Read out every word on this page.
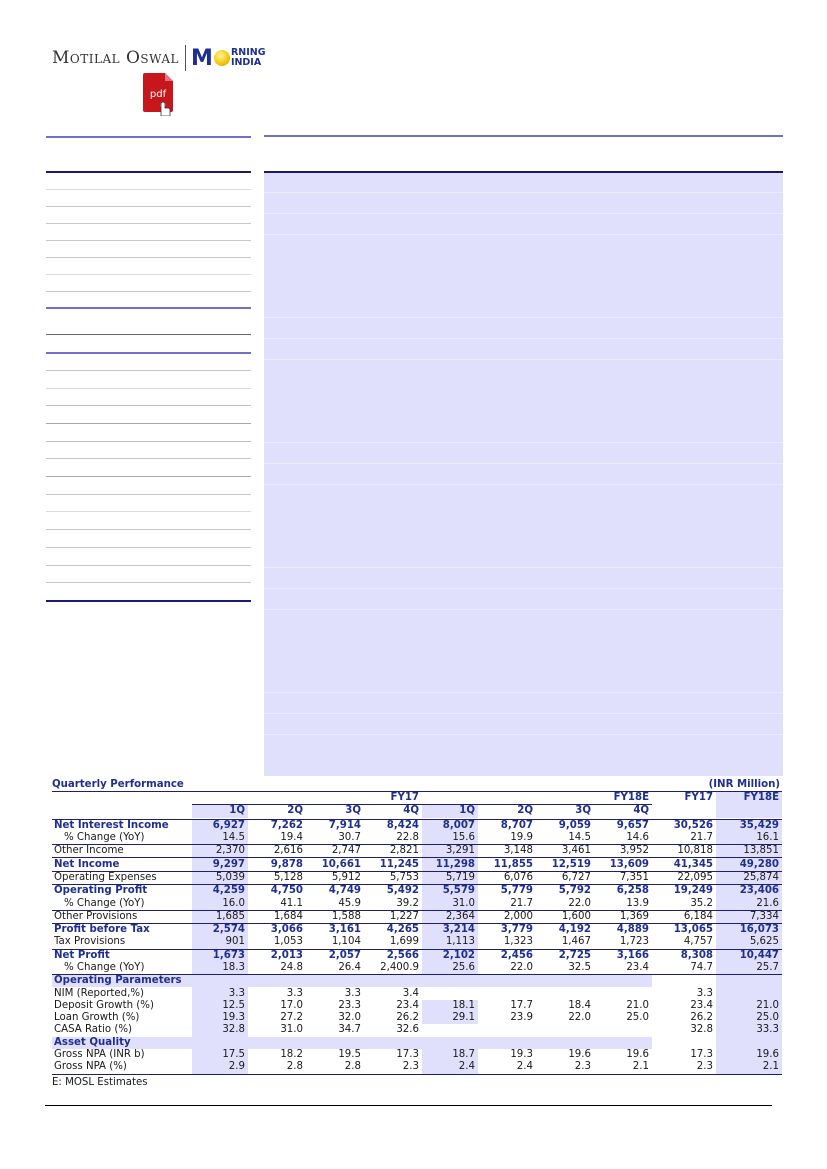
Motilal Oswal M RNING
INDIA
pdf
Quarterly Performance	(INR Million)
	FY17				FY18E				FY17	FY18E
	1Q	2Q	3Q	4Q	1Q	2Q	3Q	4Q		
Net Interest Income	6,927	7,262	7,914	8,424	8,007	8,707	9,059	9,657	30,526	35,429
% Change (YoY)	14.5	19.4	30.7	22.8	15.6	19.9	14.5	14.6	21.7	16.1
Other Income	2,370	2,616	2,747	2,821	3,291	3,148	3,461	3,952	10,818	13,851
Net Income	9,297	9,878	10,661	11,245	11,298	11,855	12,519	13,609	41,345	49,280
Operating Expenses	5,039	5,128	5,912	5,753	5,719	6,076	6,727	7,351	22,095	25,874
Operating Profit	4,259	4,750	4,749	5,492	5,579	5,779	5,792	6,258	19,249	23,406
% Change (YoY)	16.0	41.1	45.9	39.2	31.0	21.7	22.0	13.9	35.2	21.6
Other Provisions	1,685	1,684	1,588	1,227	2,364	2,000	1,600	1,369	6,184	7,334
Profit before Tax	2,574	3,066	3,161	4,265	3,214	3,779	4,192	4,889	13,065	16,073
Tax Provisions	901	1,053	1,104	1,699	1,113	1,323	1,467	1,723	4,757	5,625
Net Profit	1,673	2,013	2,057	2,566	2,102	2,456	2,725	3,166	8,308	10,447
% Change (YoY)	18.3	24.8	26.4	2,400.9	25.6	22.0	32.5	23.4	74.7	25.7
Operating Parameters										
NIM (Reported,%)	3.3	3.3	3.3	3.4					3.3	
Deposit Growth (%)	12.5	17.0	23.3	23.4	18.1	17.7	18.4	21.0	23.4	21.0
Loan Growth (%)	19.3	27.2	32.0	26.2	29.1	23.9	22.0	25.0	26.2	25.0
CASA Ratio (%)	32.8	31.0	34.7	32.6					32.8	33.3
Asset Quality										
Gross NPA (INR b)	17.5	18.2	19.5	17.3	18.7	19.3	19.6	19.6	17.3	19.6
Gross NPA (%)	2.9	2.8	2.8	2.3	2.4	2.4	2.3	2.1	2.3	2.1
E: MOSL Estimates
